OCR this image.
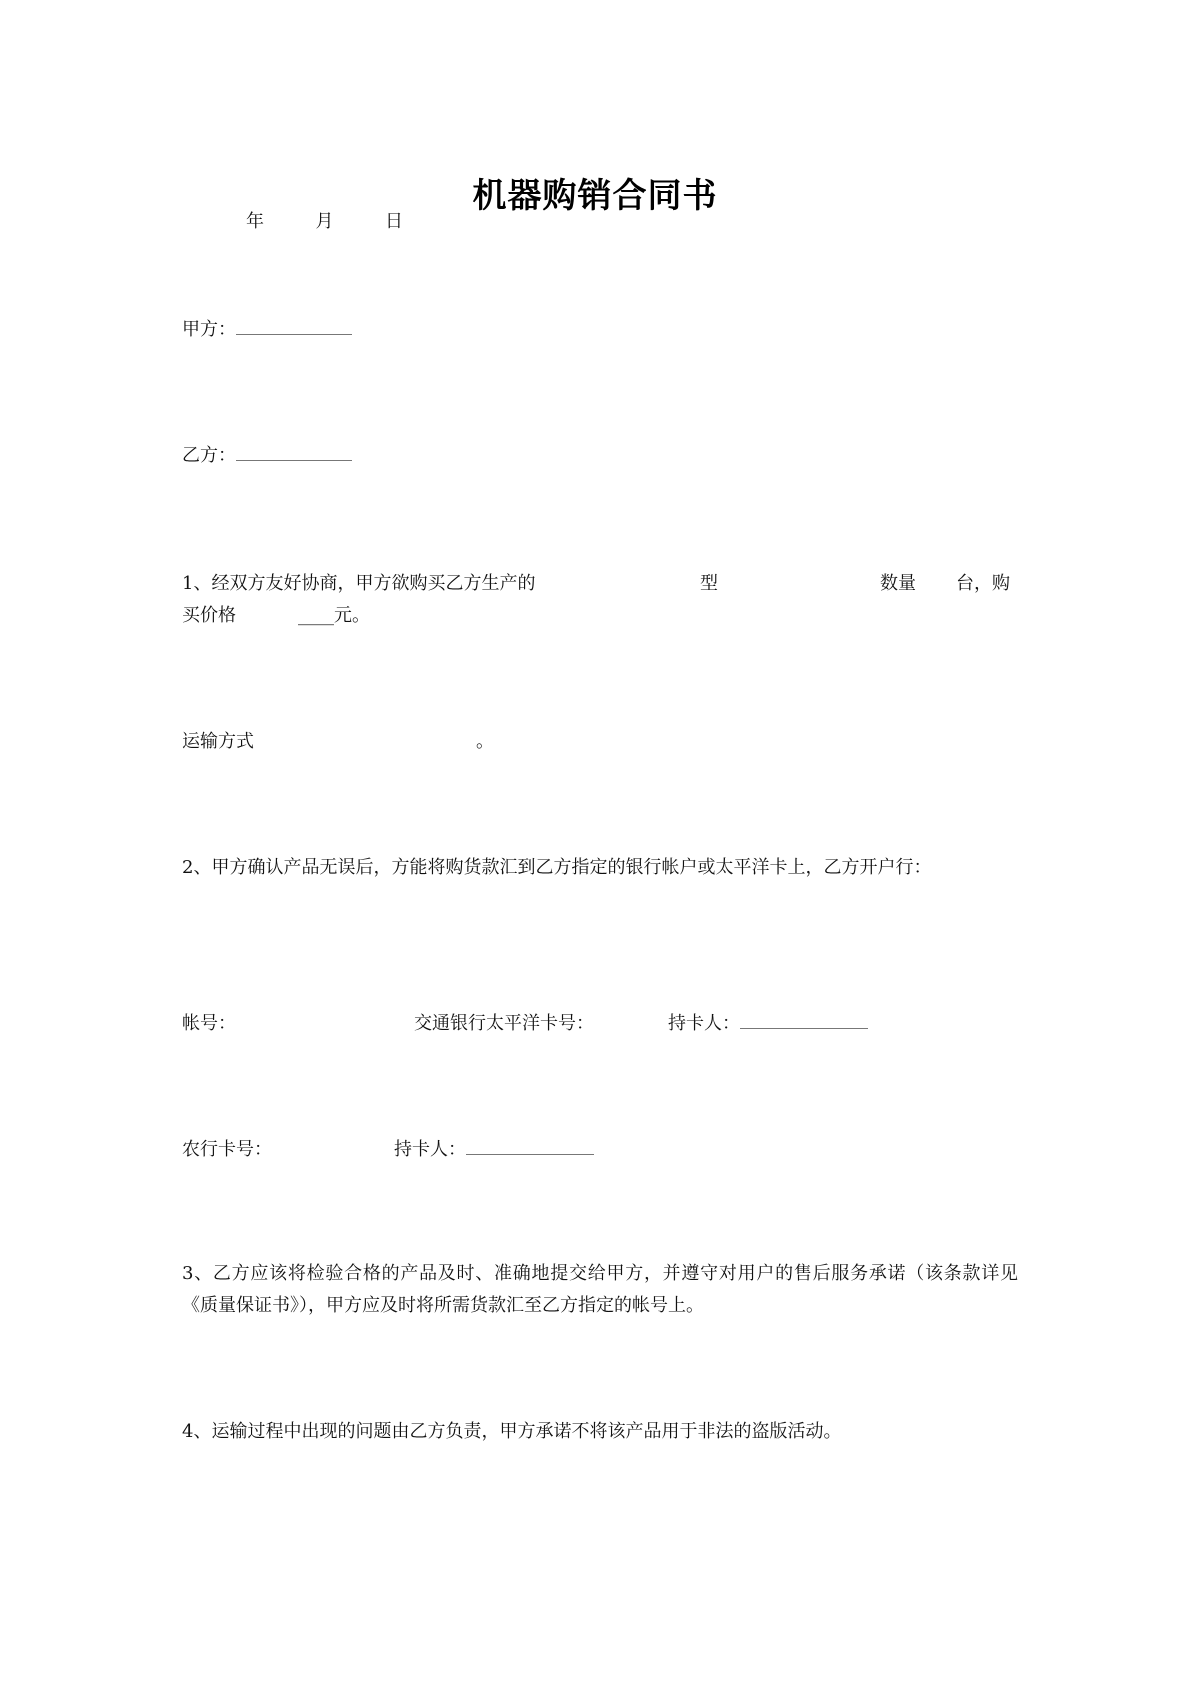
机器购销合同书
年	月	日
甲方：
乙方：
1、经双方友好协商，甲方欲购买乙方生产的	型	数量 台，购
买价格	____元。
运输方式	。
2、甲方确认产品无误后，方能将购货款汇到乙方指定的银行帐户或太平洋卡上，乙方开户行：
帐号：	交通银行太平洋卡号：	持卡人：
农行卡号：	持卡人：
3、乙方应该将检验合格的产品及时、准确地提交给甲方，并遵守对用户的售后服务承诺（该条款详见《质量保证书》），甲方应及时将所需货款汇至乙方指定的帐号上。
4、运输过程中出现的问题由乙方负责，甲方承诺不将该产品用于非法的盗版活动。
